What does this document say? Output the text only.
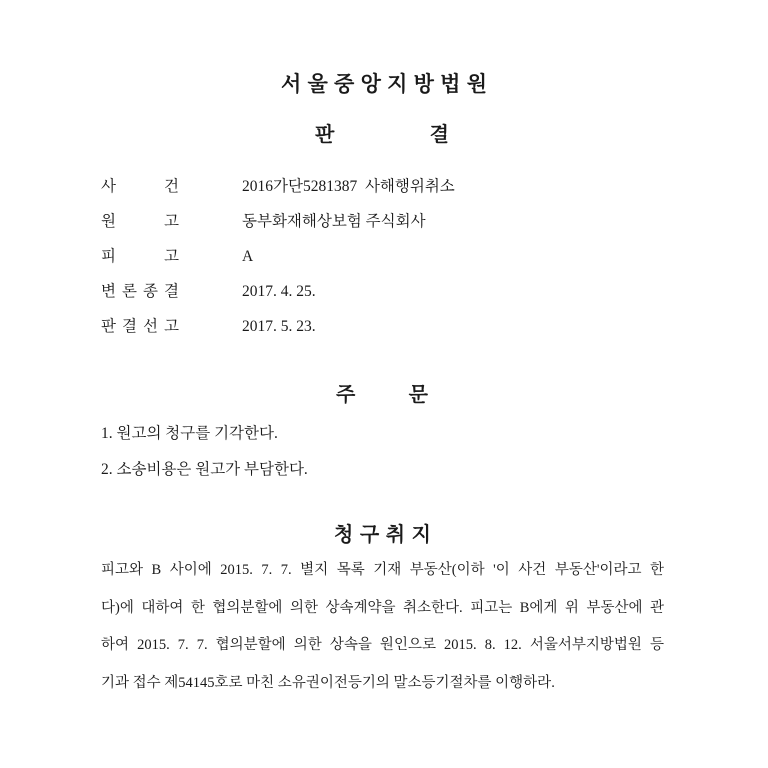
서 울 중 앙 지 방 법 원
판 결
사 건	2016가단5281387  사해행위취소
원 고	동부화재해상보험 주식회사
피 고	A
변 론 종 결	2017. 4. 25.
판 결 선 고	2017. 5. 23.
주 문
1. 원고의 청구를 기각한다.
2. 소송비용은 원고가 부담한다.
청 구 취 지
피고와 B 사이에 2015. 7. 7. 별지 목록 기재 부동산(이하 '이 사건 부동산'이라고 한
다)에 대하여 한 협의분할에 의한 상속계약을 취소한다. 피고는 B에게 위 부동산에 관
하여 2015. 7. 7. 협의분할에 의한 상속을 원인으로 2015. 8. 12. 서울서부지방법원 등
기과 접수 제54145호로 마친 소유권이전등기의 말소등기절차를 이행하라.
